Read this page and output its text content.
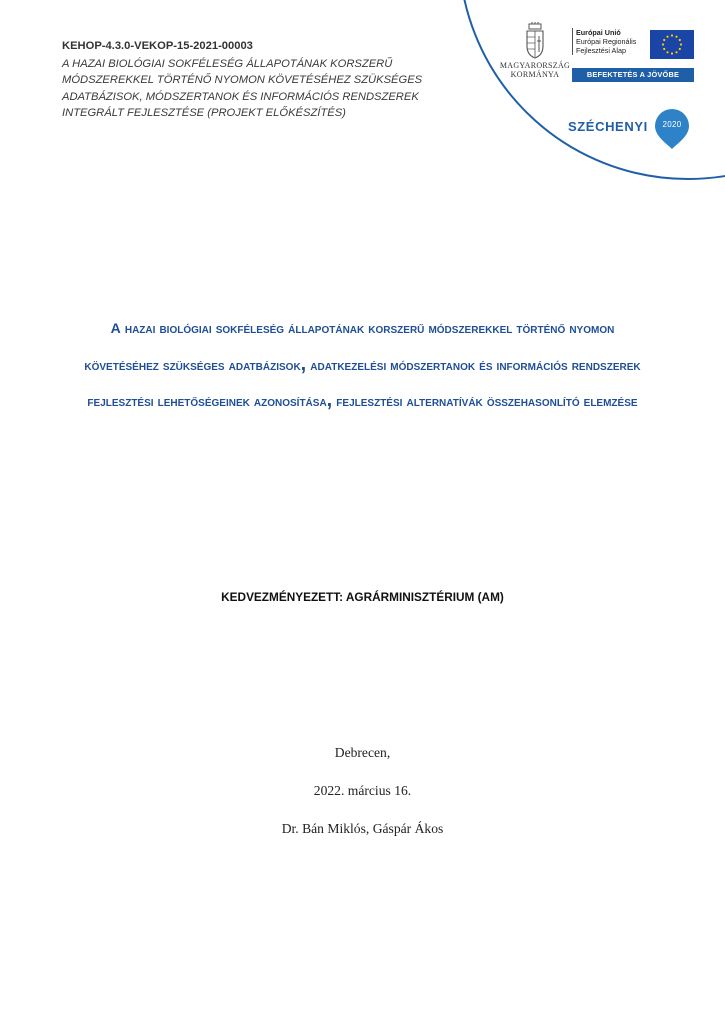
KEHOP-4.3.0-VEKOP-15-2021-00003
A HAZAI BIOLÓGIAI SOKFÉLESÉG ÁLLAPOTÁNAK KORSZERŰ MÓDSZEREKKEL TÖRTÉNŐ NYOMON KÖVETÉSÉHEZ SZÜKSÉGES ADATBÁZISOK, MÓDSZERTANOK ÉS INFORMÁCIÓS RENDSZEREK INTEGRÁLT FEJLESZTÉSE (PROJEKT ELŐKÉSZÍTÉS)
MAGYARORSZÁG
KORMÁNYA
Európai Unió
Európai Regionális
Fejlesztési Alap
BEFEKTETÉS A JÖVŐBE
SZÉCHENYI	2020
a hazai biológiai sokféleség állapotának korszerű módszerekkel történő nyomon követéséhez szükséges adatbázisok, adatkezelési módszertanok és információs rendszerek fejlesztési lehetőségeinek azonosítása, fejlesztési alternatívák összehasonlító elemzése
KEDVEZMÉNYEZETT: AGRÁRMINISZTÉRIUM (AM)
Debrecen,
2022. március 16.
Dr. Bán Miklós, Gáspár Ákos
